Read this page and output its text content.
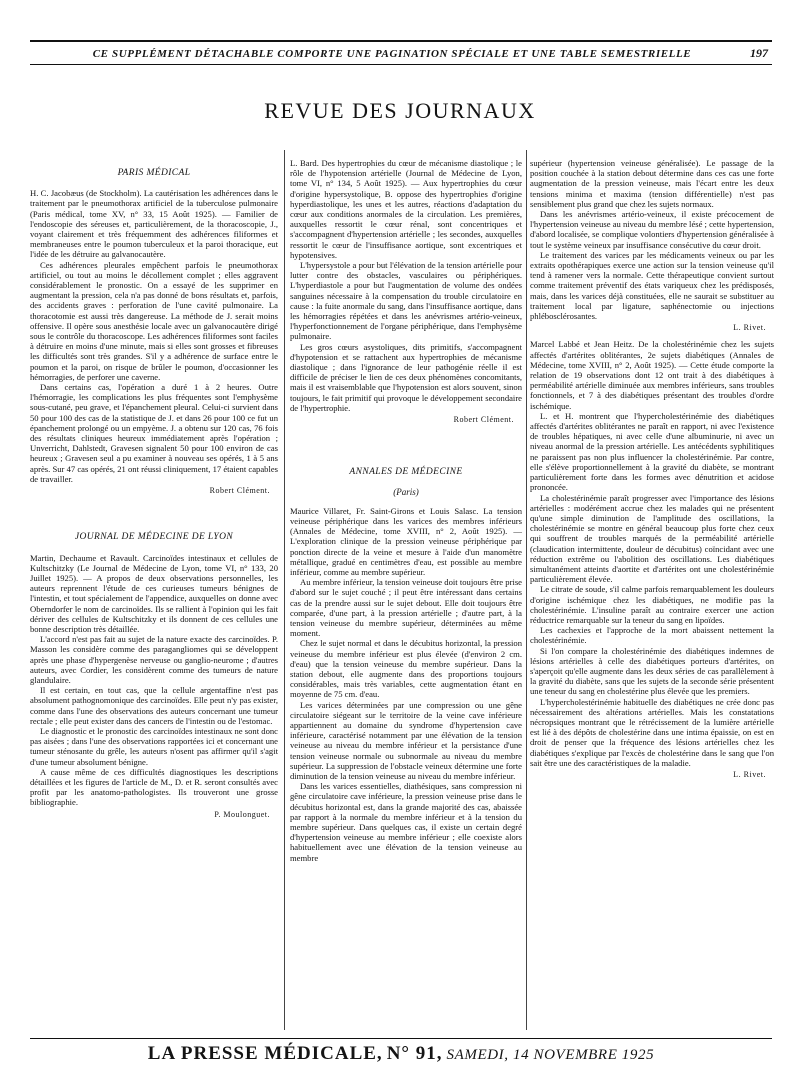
CE SUPPLÉMENT DÉTACHABLE COMPORTE UNE PAGINATION SPÉCIALE ET UNE TABLE SEMESTRIELLE	197
REVUE DES JOURNAUX
PARIS MÉDICAL

H. C. Jacobæus (de Stockholm). La cautérisation les adhérences dans le traitement par le pneumothorax artificiel de la tuberculose pulmonaire (Paris médical, tome XV, n° 33, 15 Août 1925). — Familier de l'endoscopie des séreuses et, particulièrement, de la thoracoscopie, J., voyant clairement et très fréquemment des adhérences filiformes et membraneuses entre le poumon tuberculeux et la paroi thoracique, eut l'idée de les détruire au galvanocautère.

Ces adhérences pleurales empêchent parfois le pneumothorax artificiel, ou tout au moins le décollement complet ; elles aggravent considérablement le pronostic. On a essayé de les supprimer en augmentant la pression, cela n'a pas donné de bons résultats et, parfois, des accidents graves : perforation de l'une cavité pulmonaire. La thoracotomie est aussi très dangereuse. La méthode de J. serait moins offensive. Il opère sous anesthésie locale avec un galvanocautère dirigé sous le contrôle du thoracoscope. Les adhérences filiformes sont faciles à détruire en moins d'une minute, mais si elles sont grosses et fibreuses les difficultés sont très grandes. S'il y a adhérence de surface entre le poumon et la paroi, on risque de brûler le poumon, d'occasionner les hémorragies, de perforer une caverne.

Dans certains cas, l'opération a duré 1 à 2 heures. Outre l'hémorragie, les complications les plus fréquentes sont l'emphysème sous-cutané, peu grave, et l'épanchement pleural. Celui-ci survient dans 50 pour 100 des cas de la statistique de J. et dans 26 pour 100 ce fut un épanchement prolongé ou un empyème. J. a obtenu sur 120 cas, 76 fois des résultats cliniques heureux immédiatement après l'opération ; Unverricht, Dahlstedt, Gravesen signalent 50 pour 100 environ de cas heureux ; Gravesen seul a pu examiner à nouveau ses opérés, 1 à 5 ans après. Sur 47 cas opérés, 21 ont réussi cliniquement, 17 étaient capables de travailler.

Robert Clément.
JOURNAL DE MÉDECINE DE LYON

Martin, Dechaume et Ravault. Carcinoïdes intestinaux et cellules de Kultschitzky (Le Journal de Médecine de Lyon, tome VI, n° 133, 20 Juillet 1925). — A propos de deux observations personnelles, les auteurs reprennent l'étude de ces curieuses tumeurs bénignes de l'intestin, et tout spécialement de l'appendice, auxquelles on donne avec Oberndorfer le nom de carcinoïdes. Ils se rallient à l'opinion qui les fait dériver des cellules de Kultschitzky et ils donnent de ces cellules une bonne description très détaillée.

L'accord n'est pas fait au sujet de la nature exacte des carcinoïdes. P. Masson les considère comme des paragangliomes qui se développent après une phase d'hypergenèse nerveuse ou ganglio-neurome ; d'autres auteurs, avec Cordier, les considèrent comme des tumeurs de nature glandulaire.

Il est certain, en tout cas, que la cellule argentaffine n'est pas absolument pathognomonique des carcinoïdes. Elle peut n'y pas exister, comme dans l'une des observations des auteurs concernant une tumeur rectale ; elle peut exister dans des cancers de l'intestin ou de l'estomac.

Le diagnostic et le pronostic des carcinoïdes intestinaux ne sont donc pas aisées ; dans l'une des observations rapportées ici et concernant une tumeur sténosante du grêle, les auteurs n'osent pas affirmer qu'il s'agit d'une tumeur absolument bénigne.

A cause même de ces difficultés diagnostiques les descriptions détaillées et les figures de l'article de M., D. et R. seront consultés avec profit par les anatomo-pathologistes. Ils trouveront une grosse bibliographie.

P. Moulonguet.

L. Bard. Des hypertrophies du cœur de mécanisme diastolique ; le rôle de l'hypotension artérielle (Journal de Médecine de Lyon, tome VI, n° 134, 5 Août 1925). — Aux hypertrophies du cœur d'origine hypersystolique, B. oppose des hypertrophies d'origine hyperdiastolique, les unes et les autres, réactions d'adaptation du cœur aux conditions anormales de la circulation. Les premières, auxquelles ressortit le cœur rénal, sont concentriques et s'accompagnent d'hypertension artérielle ; les secondes, auxquelles ressortit le cœur de l'insuffisance aortique, sont excentriques et hypotensives.

L'hypersystole a pour but l'élévation de la tension artérielle pour lutter contre des obstacles, vasculaires ou périphériques. L'hyperdiastole a pour but l'augmentation de volume des ondées sanguines nécessaire à la compensation du trouble circulatoire en cause : la fuite anormale du sang, dans l'insuffisance aortique, dans les hémorragies répétées et dans les anévrismes artério-veineux, l'hyperfonctionnement de l'organe périphérique, dans l'emphysème pulmonaire.

Les gros cœurs asystoliques, dits primitifs, s'accompagnent d'hypotension et se rattachent aux hypertrophies de mécanisme diastolique ; dans l'ignorance de leur pathogénie réelle il est difficile de préciser le lien de ces deux phénomènes concomitants, mais il est vraisemblable que l'hypotension est alors souvent, sinon toujours, le fait primitif qui provoque le développement secondaire de l'hypertrophie.

Robert Clément.
ANNALES DE MÉDECINE
(Paris)

Maurice Villaret, Fr. Saint-Girons et Louis Salasc. La tension veineuse périphérique dans les varices des membres inférieurs (Annales de Médecine, tome XVIII, n° 2, Août 1925). — L'exploration clinique de la pression veineuse périphérique par ponction directe de la veine et mesure à l'aide d'un manomètre métallique, gradué en centimètres d'eau, est possible au membre inférieur, comme au membre supérieur.

Au membre inférieur, la tension veineuse doit toujours être prise d'abord sur le sujet couché ; il peut être intéressant dans certains cas de la prendre aussi sur le sujet debout. Elle doit toujours être comparée, d'une part, à la pression artérielle ; d'autre part, à la tension veineuse du membre supérieur, déterminées au même moment.

Chez le sujet normal et dans le décubitus horizontal, la pression veineuse du membre inférieur est plus élevée (d'environ 2 cm. d'eau) que la tension veineuse du membre supérieur. Dans la station debout, elle augmente dans des proportions toujours considérables, mais très variables, cette augmentation étant en moyenne de 75 cm. d'eau.

Les varices déterminées par une compression ou une gêne circulatoire siégeant sur le territoire de la veine cave inférieure appartiennent au domaine du syndrome d'hypertension cave inférieure, caractérisé notamment par une élévation de la tension veineuse au niveau du membre inférieur et la persistance d'une tension veineuse normale ou subnormale au niveau du membre supérieur. La suppression de l'obstacle veineux détermine une forte diminution de la tension veineuse au niveau du membre inférieur.

Dans les varices essentielles, diathésiques, sans compression ni gêne circulatoire cave inférieure, la pression veineuse prise dans le décubitus horizontal est, dans la grande majorité des cas, abaissée par rapport à la normale du membre inférieur et à la tension du membre supérieur. Dans quelques cas, il existe un certain degré d'hypertension veineuse au membre inférieur ; elle coexiste alors habituellement avec une élévation de la tension veineuse au membre

supérieur (hypertension veineuse généralisée). Le passage de la position couchée à la station debout détermine dans ces cas une forte augmentation de la pression veineuse, mais l'écart entre les deux tensions minima et maxima (tension différentielle) n'est pas sensiblement plus grand que chez les sujets normaux.

Dans les anévrismes artério-veineux, il existe précocement de l'hypertension veineuse au niveau du membre lésé ; cette hypertension, d'abord localisée, se complique volontiers d'hypertension généralisée à tout le système veineux par insuffisance consécutive du cœur droit.

Le traitement des varices par les médicaments veineux ou par les extraits opothérapiques exerce une action sur la tension veineuse qu'il tend à ramener vers la normale. Cette thérapeutique convient surtout comme traitement préventif des états variqueux chez les prédisposés, mais, dans les varices déjà constituées, elle ne saurait se substituer au traitement local par ligature, saphénectomie ou injections phlébosclérosantes.

L. Rivet.

Marcel Labbé et Jean Heitz. De la cholestérinémie chez les sujets affectés d'artérites oblitérantes, 2e sujets diabétiques (Annales de Médecine, tome XVIII, n° 2, Août 1925). — Cette étude comporte la relation de 19 observations dont 12 ont trait à des diabétiques à perméabilité artérielle diminuée aux membres inférieurs, sans troubles fonctionnels, et 7 à des diabétiques présentant des troubles d'ordre ischémique.

L. et H. montrent que l'hypercholestérinémie des diabétiques affectés d'artérites oblitérantes ne paraît en rapport, ni avec l'existence de troubles hépatiques, ni avec celle d'une albuminurie, ni avec un niveau anormal de la pression artérielle. Les antécédents syphilitiques ne paraissent pas non plus influencer la cholestérinémie. Par contre, elle s'élève proportionnellement à la gravité du diabète, se montrant particulièrement forte dans les formes avec dénutrition et acidose prononcée.

La cholestérinémie paraît progresser avec l'importance des lésions artérielles : modérément accrue chez les malades qui ne présentent qu'une simple diminution de l'amplitude des oscillations, la cholestérinémie se montre en général beaucoup plus forte chez ceux qui souffrent de troubles marqués de la perméabilité artérielle (claudication intermittente, douleur de décubitus) coïncidant avec une réduction extrême ou l'abolition des oscillations. Les diabétiques simultanément atteints d'aortite et d'artérites ont une cholestérinémie particulièrement élevée.

Le citrate de soude, s'il calme parfois remarquablement les douleurs d'origine ischémique chez les diabétiques, ne modifie pas la cholestérinémie. L'insuline paraît au contraire exercer une action réductrice remarquable sur la teneur du sang en lipoïdes.

Les cachexies et l'approche de la mort abaissent nettement la cholestérinémie.

Si l'on compare la cholestérinémie des diabétiques indemnes de lésions artérielles à celle des diabétiques porteurs d'artérites, on s'aperçoit qu'elle augmente dans les deux séries de cas parallèlement à la gravité du diabète, sans que les sujets de la seconde série présentent une teneur du sang en cholestérine plus élevée que les premiers.

L'hypercholestérinémie habituelle des diabétiques ne crée donc pas nécessairement des altérations artérielles. Mais les constatations nécropsiques montrant que le rétrécissement de la lumière artérielle est lié à des dépôts de cholestérine dans une intima épaissie, on est en droit de penser que la fréquence des lésions artérielles chez les diabétiques s'explique par l'excès de cholestérine dans le sang que l'on sait être une des caractéristiques de la maladie.

L. Rivet.
LA PRESSE MÉDICALE, N° 91, SAMEDI, 14 NOVEMBRE 1925
